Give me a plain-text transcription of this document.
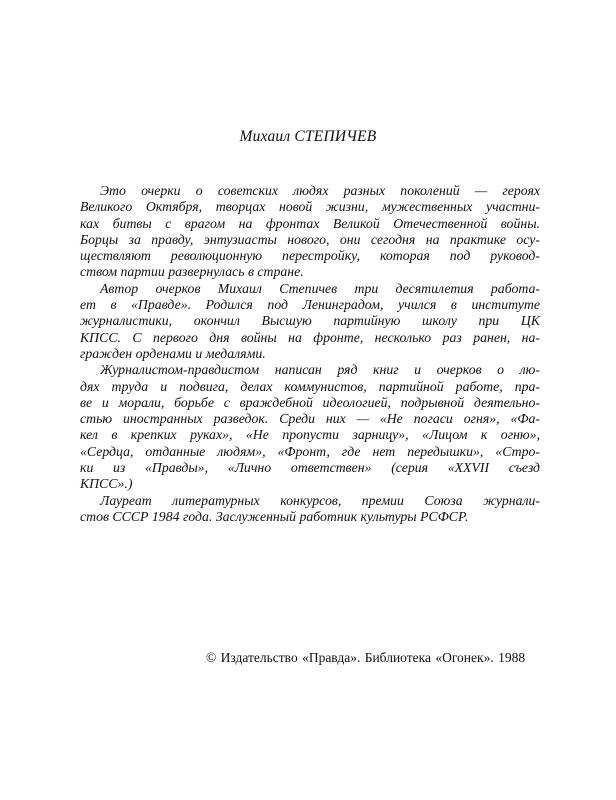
Михаил СТЕПИЧЕВ

Это очерки о советских людях разных поколений — героях
Великого Октября, творцах новой жизни, мужественных участни-
ках битвы с врагом на фронтах Великой Отечественной войны.
Борцы за правду, энтузиасты нового, они сегодня на практике осу-
ществляют революционную перестройку, которая под руковод-
ством партии развернулась в стране.

Автор очерков Михаил Степичев три десятилетия работа-
ет в «Правде». Родился под Ленинградом, учился в институте
журналистики, окончил Высшую партийную школу при ЦК
КПСС. С первого дня войны на фронте, несколько раз ранен, на-
гражден орденами и медалями.

Журналистом-правдистом написан ряд книг и очерков о лю-
дях труда и подвига, делах коммунистов, партийной работе, пра-
ве и морали, борьбе с враждебной идеологией, подрывной деятельно-
стью иностранных разведок. Среди них — «Не погаси огня», «Фа-
кел в крепких руках», «Не пропусти зарницу», «Лицом к огню»,
«Сердца, отданные людям», «Фронт, где нет передышки», «Стро-
ки из «Правды», «Лично ответствен» (серия «XXVII съезд
КПСС».)

Лауреат литературных конкурсов, премии Союза журнали-
стов СССР 1984 года. Заслуженный работник культуры РСФСР.

© Издательство «Правда». Библиотека «Огонек». 1988
